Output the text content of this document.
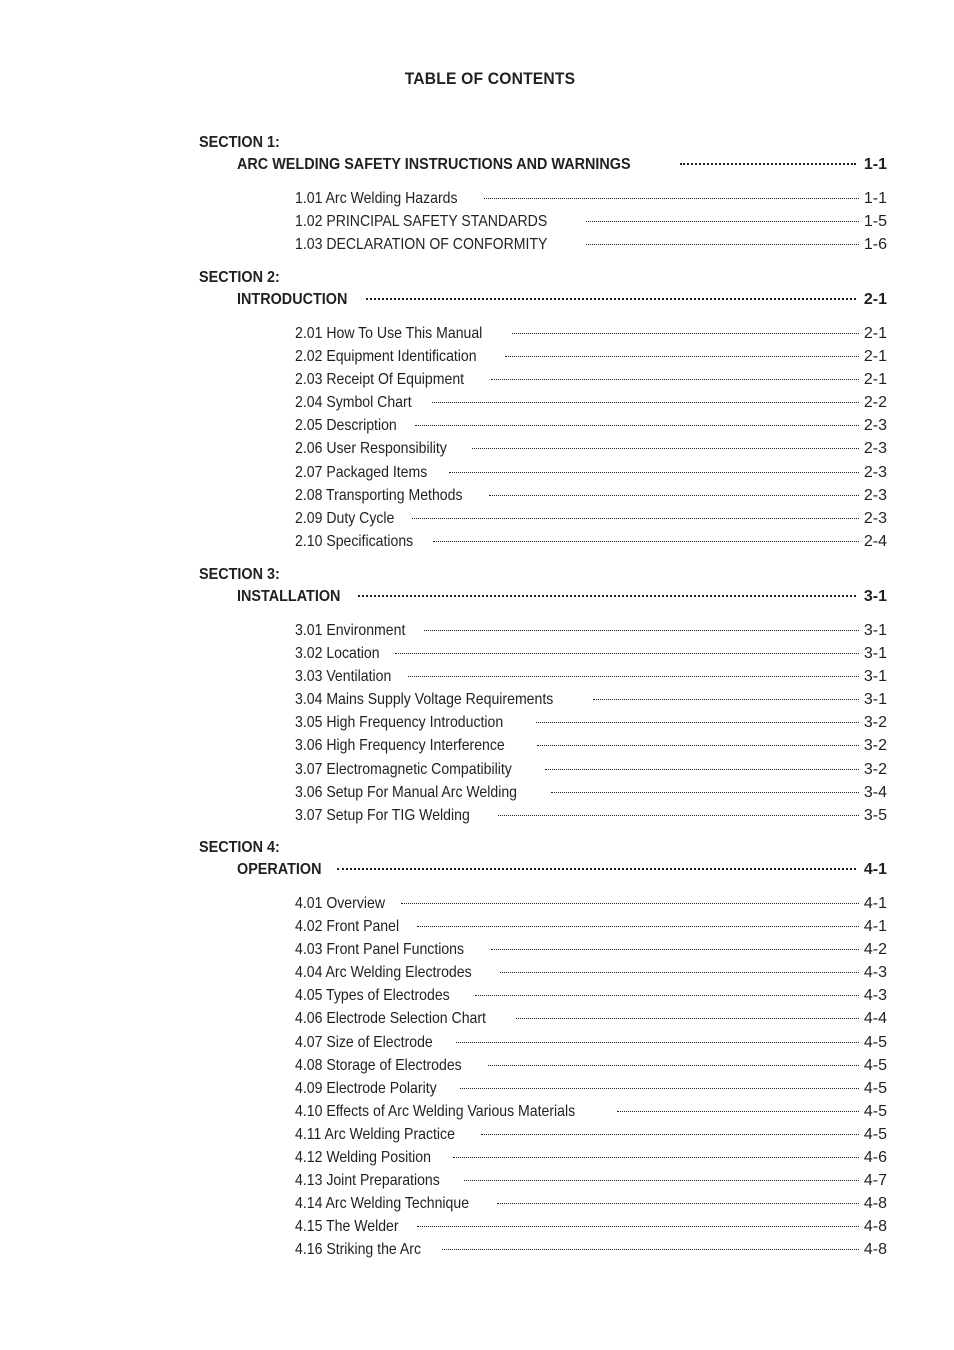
TABLE OF CONTENTS
SECTION 1:
ARC WELDING SAFETY INSTRUCTIONS AND WARNINGS	1-1
1.01 Arc Welding Hazards	1-1
1.02 PRINCIPAL SAFETY STANDARDS	1-5
1.03 DECLARATION OF CONFORMITY	1-6
SECTION 2:
INTRODUCTION	2-1
2.01 How To Use This Manual	2-1
2.02 Equipment Identification	2-1
2.03 Receipt Of Equipment	2-1
2.04 Symbol Chart	2-2
2.05 Description	2-3
2.06 User Responsibility	2-3
2.07 Packaged Items	2-3
2.08 Transporting Methods	2-3
2.09 Duty Cycle	2-3
2.10 Specifications	2-4
SECTION 3:
INSTALLATION	3-1
3.01 Environment	3-1
3.02 Location	3-1
3.03 Ventilation	3-1
3.04 Mains Supply Voltage Requirements	3-1
3.05 High Frequency Introduction	3-2
3.06 High Frequency Interference	3-2
3.07 Electromagnetic Compatibility	3-2
3.06 Setup For Manual Arc Welding	3-4
3.07 Setup For TIG Welding	3-5
SECTION 4:
OPERATION	4-1
4.01 Overview	4-1
4.02 Front Panel	4-1
4.03 Front Panel Functions	4-2
4.04 Arc Welding Electrodes	4-3
4.05 Types of Electrodes	4-3
4.06 Electrode Selection Chart	4-4
4.07 Size of Electrode	4-5
4.08 Storage of Electrodes	4-5
4.09 Electrode Polarity	4-5
4.10 Effects of Arc Welding Various Materials	4-5
4.11 Arc Welding Practice	4-5
4.12 Welding Position	4-6
4.13 Joint Preparations	4-7
4.14 Arc Welding Technique	4-8
4.15 The Welder	4-8
4.16 Striking the Arc	4-8
